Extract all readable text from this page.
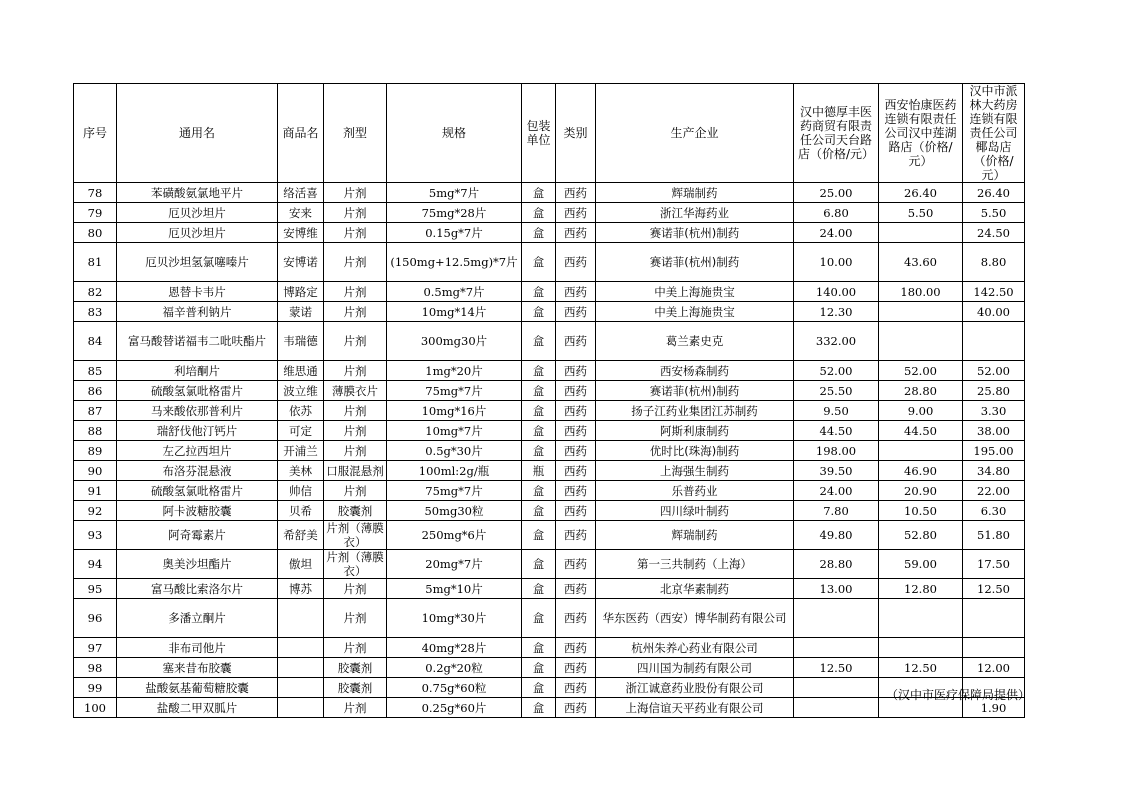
序号	通用名	商品名	剂型	规格	包装单位	类别	生产企业	汉中德厚丰医药商贸有限责任公司天台路店（价格/元）	西安怡康医药连锁有限责任公司汉中莲湖路店（价格/元）	汉中市派林大药房连锁有限责任公司椰岛店（价格/元）
78	苯磺酸氨氯地平片	络活喜	片剂	5mg*7片	盒	西药	辉瑞制药	25.00	26.40	26.40
79	厄贝沙坦片	安来	片剂	75mg*28片	盒	西药	浙江华海药业	6.80	5.50	5.50
80	厄贝沙坦片	安博维	片剂	0.15g*7片	盒	西药	赛诺菲(杭州)制药	24.00		24.50
81	厄贝沙坦氢氯噻嗪片	安博诺	片剂	(150mg+12.5mg)*7片	盒	西药	赛诺菲(杭州)制药	10.00	43.60	8.80
82	恩替卡韦片	博路定	片剂	0.5mg*7片	盒	西药	中美上海施贵宝	140.00	180.00	142.50
83	福辛普利钠片	蒙诺	片剂	10mg*14片	盒	西药	中美上海施贵宝	12.30		40.00
84	富马酸替诺福韦二吡呋酯片	韦瑞德	片剂	300mg30片	盒	西药	葛兰素史克	332.00		
85	利培酮片	维思通	片剂	1mg*20片	盒	西药	西安杨森制药	52.00	52.00	52.00
86	硫酸氢氯吡格雷片	波立维	薄膜衣片	75mg*7片	盒	西药	赛诺菲(杭州)制药	25.50	28.80	25.80
87	马来酸依那普利片	依苏	片剂	10mg*16片	盒	西药	扬子江药业集团江苏制药	9.50	9.00	3.30
88	瑞舒伐他汀钙片	可定	片剂	10mg*7片	盒	西药	阿斯利康制药	44.50	44.50	38.00
89	左乙拉西坦片	开浦兰	片剂	0.5g*30片	盒	西药	优时比(珠海)制药	198.00		195.00
90	布洛芬混悬液	美林	口服混悬剂	100ml:2g/瓶	瓶	西药	上海强生制药	39.50	46.90	34.80
91	硫酸氢氯吡格雷片	帅信	片剂	75mg*7片	盒	西药	乐普药业	24.00	20.90	22.00
92	阿卡波糖胶囊	贝希	胶囊剂	50mg30粒	盒	西药	四川绿叶制药	7.80	10.50	6.30
93	阿奇霉素片	希舒美	片剂（薄膜衣）	250mg*6片	盒	西药	辉瑞制药	49.80	52.80	51.80
94	奥美沙坦酯片	傲坦	片剂（薄膜衣）	20mg*7片	盒	西药	第一三共制药（上海）	28.80	59.00	17.50
95	富马酸比索洛尔片	博苏	片剂	5mg*10片	盒	西药	北京华素制药	13.00	12.80	12.50
96	多潘立酮片		片剂	10mg*30片	盒	西药	华东医药（西安）博华制药有限公司			
97	非布司他片		片剂	40mg*28片	盒	西药	杭州朱养心药业有限公司			
98	塞来昔布胶囊		胶囊剂	0.2g*20粒	盒	西药	四川国为制药有限公司	12.50	12.50	12.00
99	盐酸氨基葡萄糖胶囊		胶囊剂	0.75g*60粒	盒	西药	浙江诚意药业股份有限公司			
100	盐酸二甲双胍片		片剂	0.25g*60片	盒	西药	上海信谊天平药业有限公司			1.90
（汉中市医疗保障局提供）
